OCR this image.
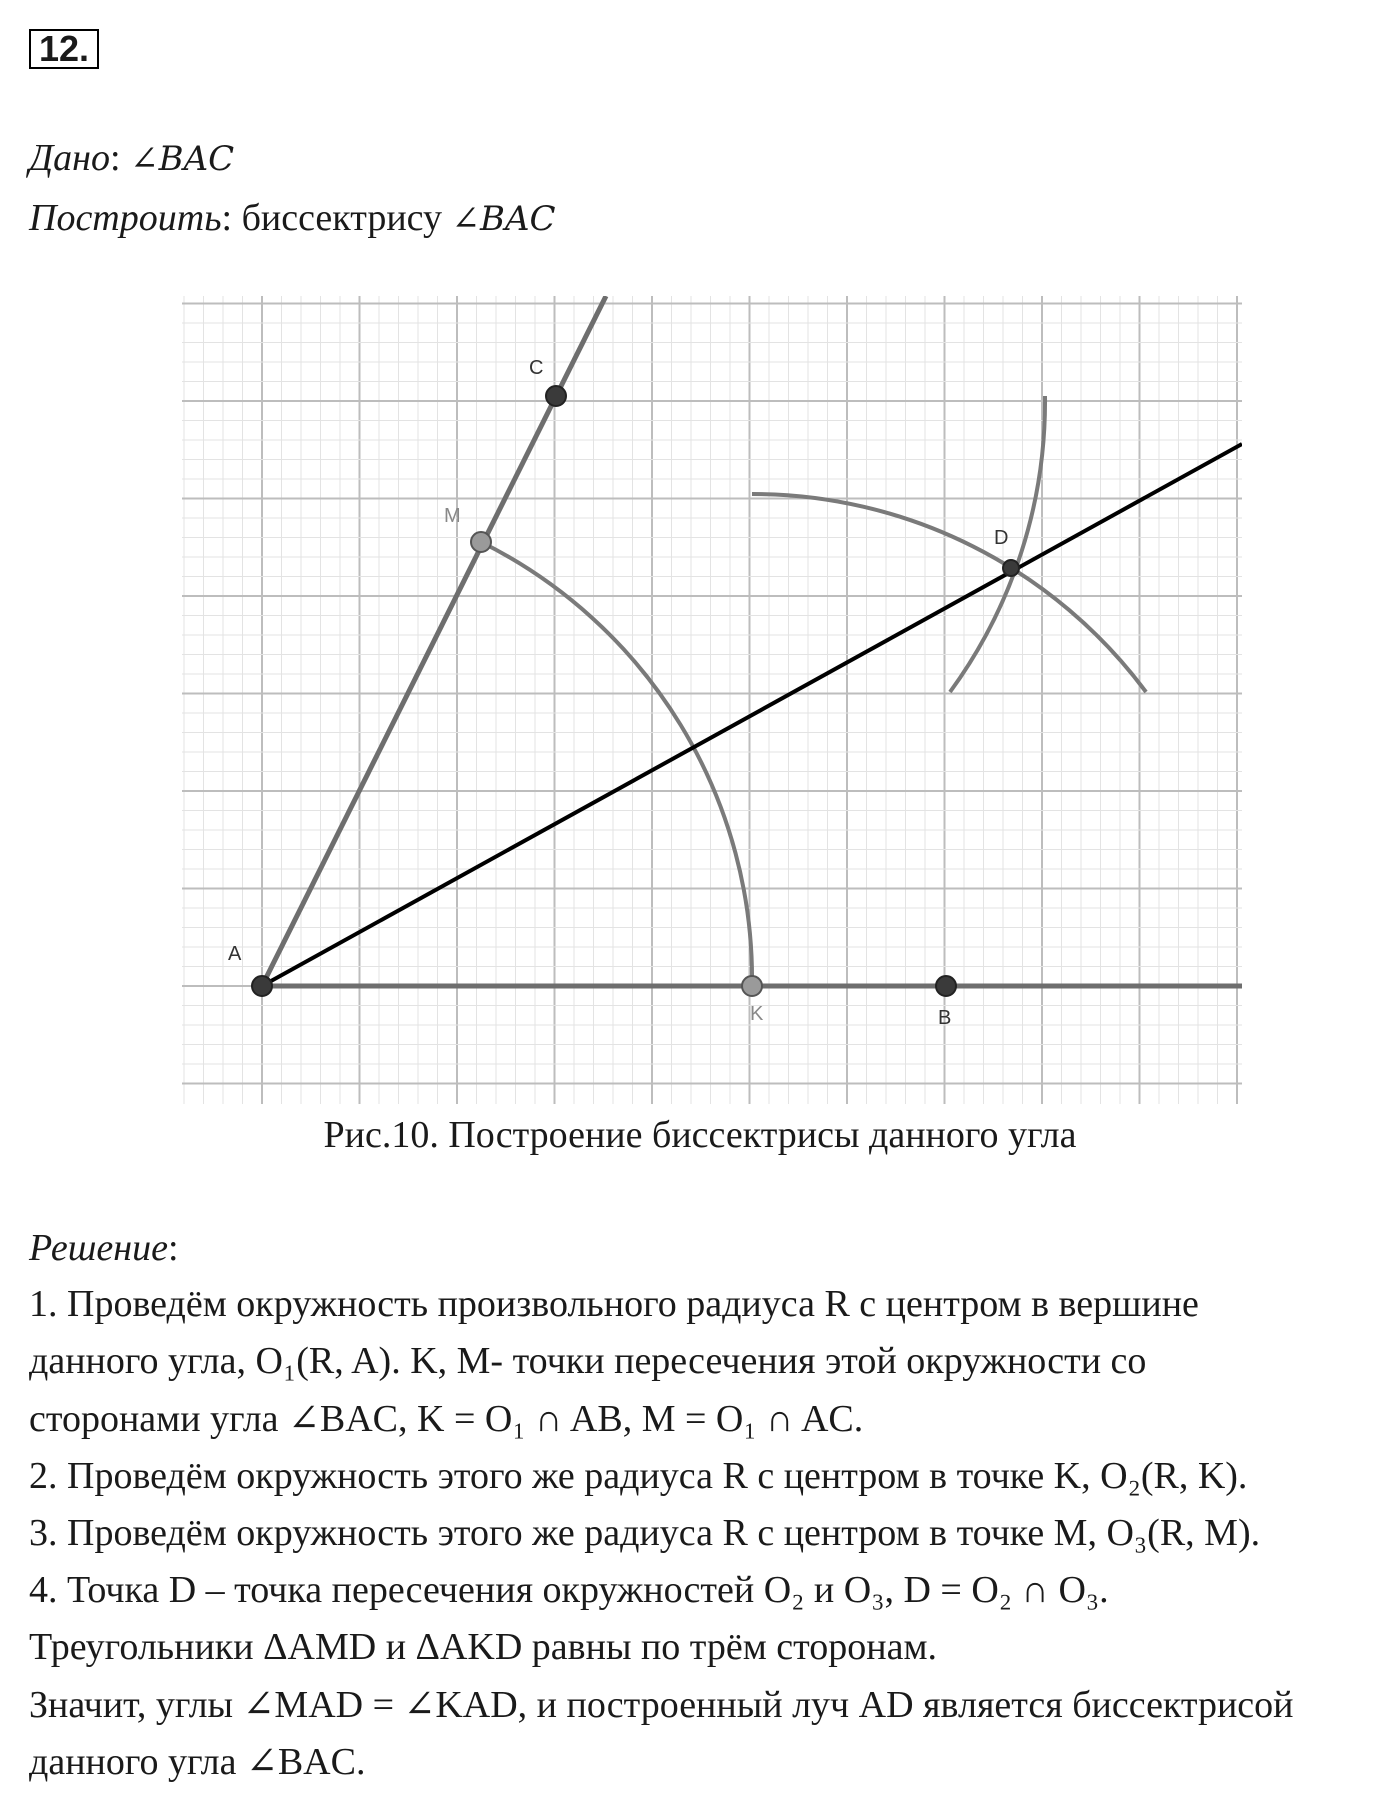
12.
Дано: ∠BAC
Построить: биссектрису ∠BAC
A
C
M
K	B
D
Рис.10. Построение биссектрисы данного угла
Решение:
1. Проведём окружность произвольного радиуса R с центром в вершине
данного угла, O₁(R, A). K, M- точки пересечения этой окружности со
сторонами угла ∠BAC, K = O₁ ∩ AB, M = O₁ ∩ AC.
2. Проведём окружность этого же радиуса R с центром в точке K, O₂(R, K).
3. Проведём окружность этого же радиуса R с центром в точке M, O₃(R, M).
4. Точка D – точка пересечения окружностей O₂ и O₃, D = O₂ ∩ O₃.
Треугольники ΔAMD и ΔAKD равны по трём сторонам.
Значит, углы ∠MAD = ∠KAD, и построенный луч AD является биссектрисой
данного угла ∠BAC.
